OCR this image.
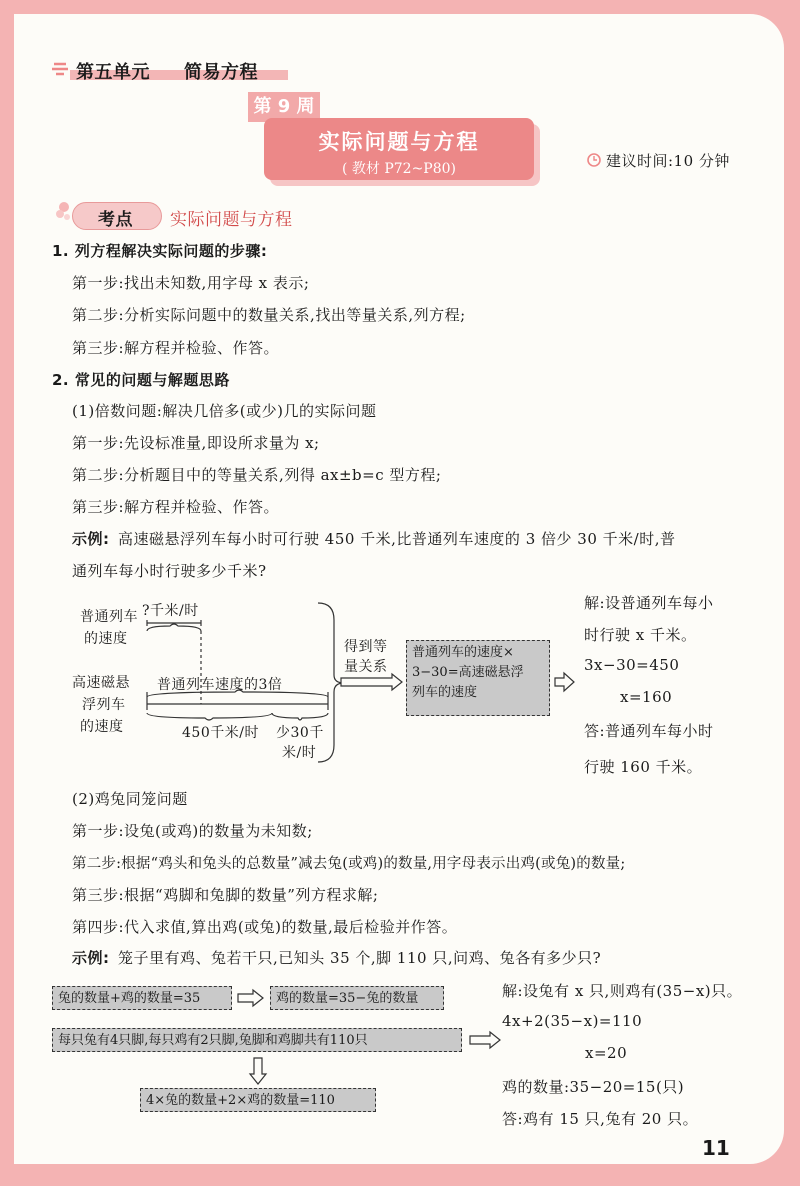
第五单元 简易方程
第 9 周
实际问题与方程
( 教材 P72~P80)	建议时间:10 分钟
考点 实际问题与方程
1. 列方程解决实际问题的步骤:
第一步:找出未知数,用字母 x 表示;
第二步:分析实际问题中的数量关系,找出等量关系,列方程;
第三步:解方程并检验、作答。
2. 常见的问题与解题思路
(1)倍数问题:解决几倍多(或少)几的实际问题
第一步:先设标准量,即设所求量为 x;
第二步:分析题目中的等量关系,列得 ax±b=c 型方程;
第三步:解方程并检验、作答。
示例: 高速磁悬浮列车每小时可行驶 450 千米,比普通列车速度的 3 倍少 30 千米/时,普
通列车每小时行驶多少千米?
普通列车
的速度
?千米/时
高速磁悬
浮列车
的速度
普通列车速度的3倍
450千米/时 少30千
米/时
得到等
量关系
普通列车的速度×
3−30=高速磁悬浮
列车的速度
解:设普通列车每小
时行驶 x 千米。
3x−30=450
x=160
答:普通列车每小时
行驶 160 千米。
(2)鸡兔同笼问题
第一步:设兔(或鸡)的数量为未知数;
第二步:根据“鸡头和兔头的总数量”减去兔(或鸡)的数量,用字母表示出鸡(或兔)的数量;
第三步:根据“鸡脚和兔脚的数量”列方程求解;
第四步:代入求值,算出鸡(或兔)的数量,最后检验并作答。
示例: 笼子里有鸡、兔若干只,已知头 35 个,脚 110 只,问鸡、兔各有多少只?
兔的数量+鸡的数量=35	鸡的数量=35−兔的数量
每只兔有4只脚,每只鸡有2只脚,兔脚和鸡脚共有110只
4×兔的数量+2×鸡的数量=110
解:设兔有 x 只,则鸡有(35−x)只。
4x+2(35−x)=110
x=20
鸡的数量:35−20=15(只)
答:鸡有 15 只,兔有 20 只。
11
